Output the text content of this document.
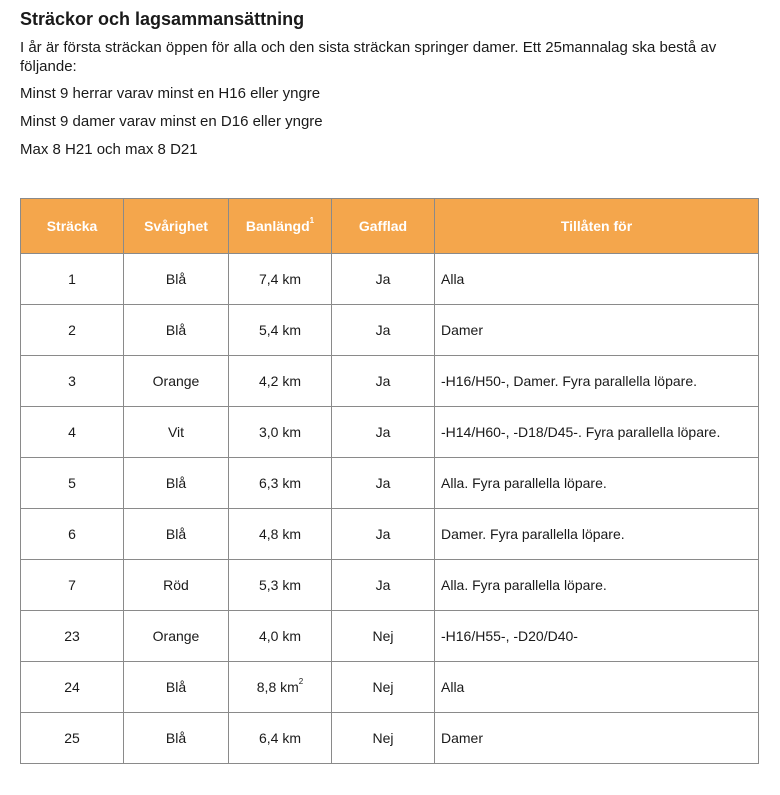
Sträckor och lagsammansättning

I år är första sträckan öppen för alla och den sista sträckan springer damer. Ett 25mannalag ska bestå av följande:

Minst 9 herrar varav minst en H16 eller yngre

Minst 9 damer varav minst en D16 eller yngre

Max 8 H21 och max 8 D21

Sträcka	Svårighet	Banlängd$^1$	Gafflad	Tillåten för
1	Blå	7,4 km	Ja	Alla
2	Blå	5,4 km	Ja	Damer
3	Orange	4,2 km	Ja	-H16/H50-, Damer. Fyra parallella löpare.
4	Vit	3,0 km	Ja	-H14/H60-, -D18/D45-. Fyra parallella löpare.
5	Blå	6,3 km	Ja	Alla. Fyra parallella löpare.
6	Blå	4,8 km	Ja	Damer. Fyra parallella löpare.
7	Röd	5,3 km	Ja	Alla. Fyra parallella löpare.
23	Orange	4,0 km	Nej	-H16/H55-, -D20/D40-
24	Blå	8,8 $km^2$	Nej	Alla
25	Blå	6,4 km	Nej	Damer
